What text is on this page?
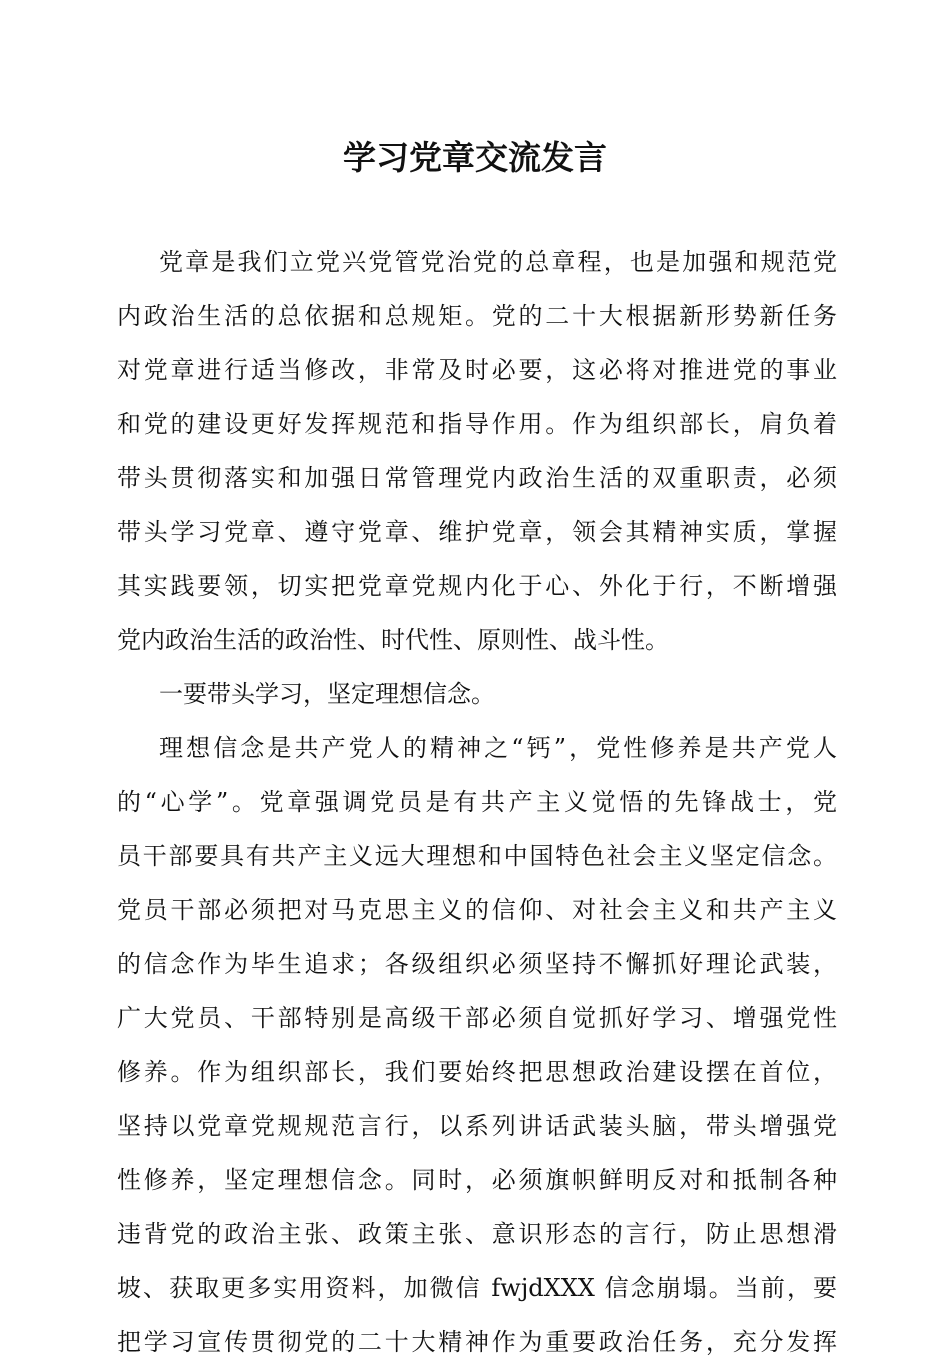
学习党章交流发言
党章是我们立党兴党管党治党的总章程，也是加强和规范党
内政治生活的总依据和总规矩。党的二十大根据新形势新任务
对党章进行适当修改，非常及时必要，这必将对推进党的事业
和党的建设更好发挥规范和指导作用。作为组织部长，肩负着
带头贯彻落实和加强日常管理党内政治生活的双重职责，必须
带头学习党章、遵守党章、维护党章，领会其精神实质，掌握
其实践要领，切实把党章党规内化于心、外化于行，不断增强
党内政治生活的政治性、时代性、原则性、战斗性。
一要带头学习，坚定理想信念。
理想信念是共产党人的精神之“钙”，党性修养是共产党人
的“心学”。党章强调党员是有共产主义觉悟的先锋战士，党
员干部要具有共产主义远大理想和中国特色社会主义坚定信念。
党员干部必须把对马克思主义的信仰、对社会主义和共产主义
的信念作为毕生追求；各级组织必须坚持不懈抓好理论武装，
广大党员、干部特别是高级干部必须自觉抓好学习、增强党性
修养。作为组织部长，我们要始终把思想政治建设摆在首位，
坚持以党章党规规范言行，以系列讲话武装头脑，带头增强党
性修养，坚定理想信念。同时，必须旗帜鲜明反对和抵制各种
违背党的政治主张、政策主张、意识形态的言行，防止思想滑
坡、获取更多实用资料，加微信 fwjdXXX 信念崩塌。当前，要
把学习宣传贯彻党的二十大精神作为重要政治任务，充分发挥
